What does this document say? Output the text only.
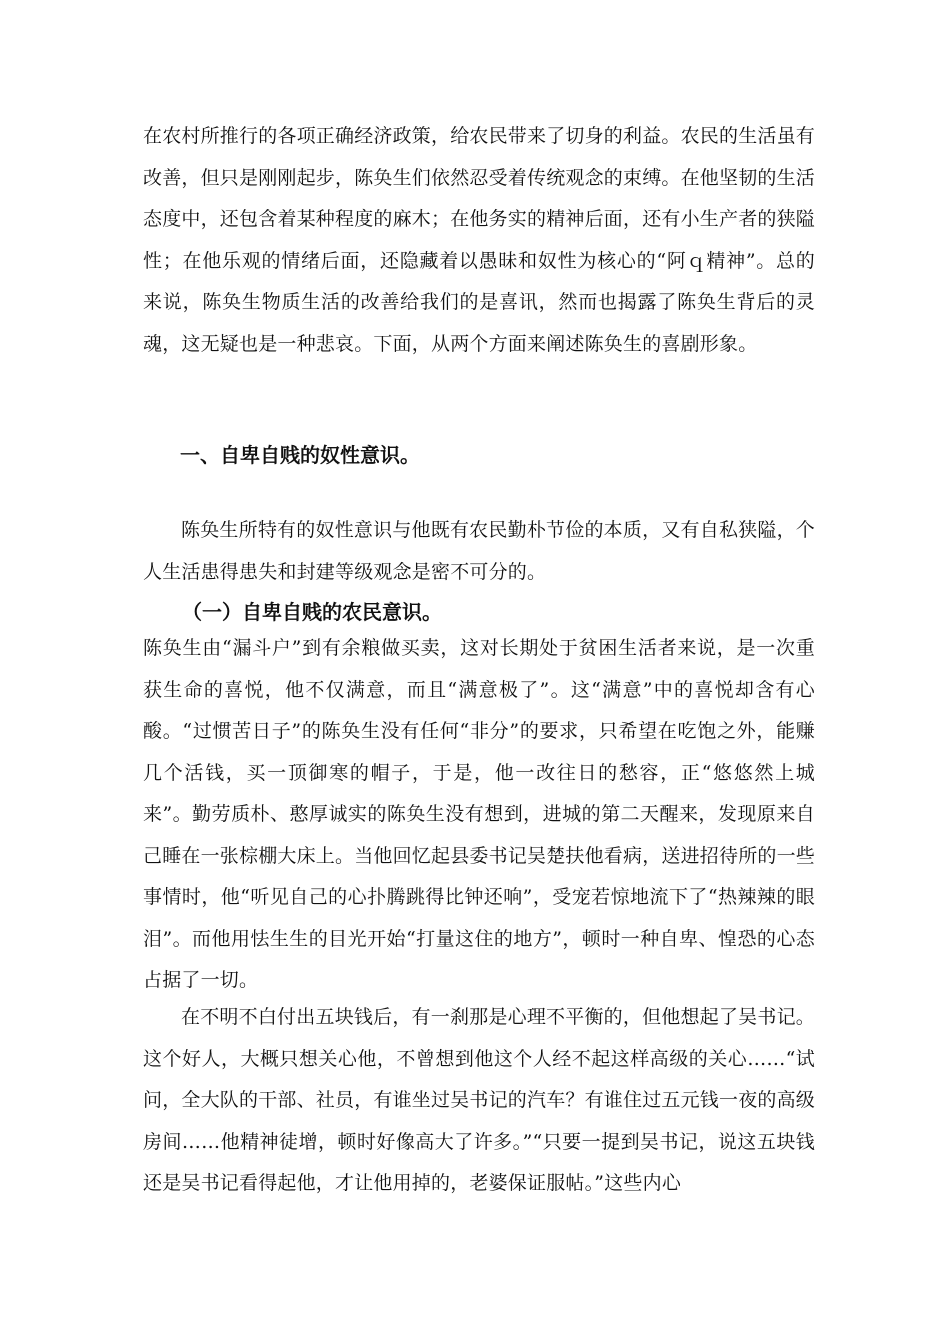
在农村所推行的各项正确经济政策，给农民带来了切身的利益。农民的生活虽有改善，但只是刚刚起步，陈奂生们依然忍受着传统观念的束缚。在他坚韧的生活态度中，还包含着某种程度的麻木；在他务实的精神后面，还有小生产者的狭隘性；在他乐观的情绪后面，还隐藏着以愚昧和奴性为核心的“阿ｑ精神”。总的来说，陈奂生物质生活的改善给我们的是喜讯，然而也揭露了陈奂生背后的灵魂，这无疑也是一种悲哀。下面，从两个方面来阐述陈奂生的喜剧形象。

一、自卑自贱的奴性意识。

陈奂生所特有的奴性意识与他既有农民勤朴节俭的本质，又有自私狭隘，个人生活患得患失和封建等级观念是密不可分的。

（一）自卑自贱的农民意识。

陈奂生由“漏斗户”到有余粮做买卖，这对长期处于贫困生活者来说，是一次重获生命的喜悦，他不仅满意，而且“满意极了”。这“满意”中的喜悦却含有心酸。“过惯苦日子”的陈奂生没有任何“非分”的要求，只希望在吃饱之外，能赚几个活钱，买一顶御寒的帽子，于是，他一改往日的愁容，正“悠悠然上城来”。勤劳质朴、憨厚诚实的陈奂生没有想到，进城的第二天醒来，发现原来自己睡在一张棕棚大床上。当他回忆起县委书记吴楚扶他看病，送进招待所的一些事情时，他“听见自己的心扑腾跳得比钟还响”，受宠若惊地流下了“热辣辣的眼泪”。而他用怯生生的目光开始“打量这住的地方”，顿时一种自卑、惶恐的心态占据了一切。

在不明不白付出五块钱后，有一刹那是心理不平衡的，但他想起了吴书记。这个好人，大概只想关心他，不曾想到他这个人经不起这样高级的关心……“试问，全大队的干部、社员，有谁坐过吴书记的汽车？有谁住过五元钱一夜的高级房间……他精神徒增，顿时好像高大了许多。”“只要一提到吴书记，说这五块钱还是吴书记看得起他，才让他用掉的，老婆保证服帖。”这些内心
